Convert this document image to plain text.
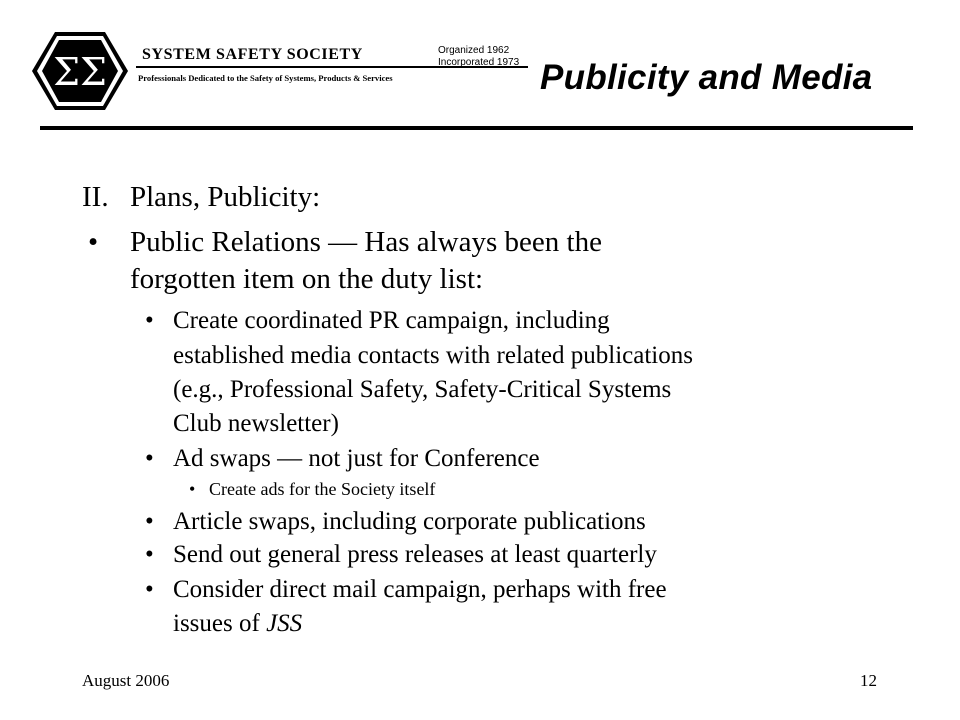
ΣΣ SYSTEM SAFETY SOCIETY
Professionals Dedicated to the Safety of Systems, Products & Services
Organized 1962
Incorporated 1973 Publicity and Media
II. Plans, Publicity:
• Public Relations — Has always been the
forgotten item on the duty list:
• Create coordinated PR campaign, including
established media contacts with related publications
(e.g., Professional Safety, Safety-Critical Systems
Club newsletter)
• Ad swaps — not just for Conference
• Create ads for the Society itself
• Article swaps, including corporate publications
• Send out general press releases at least quarterly
• Consider direct mail campaign, perhaps with free
issues of JSS
August 2006	12
